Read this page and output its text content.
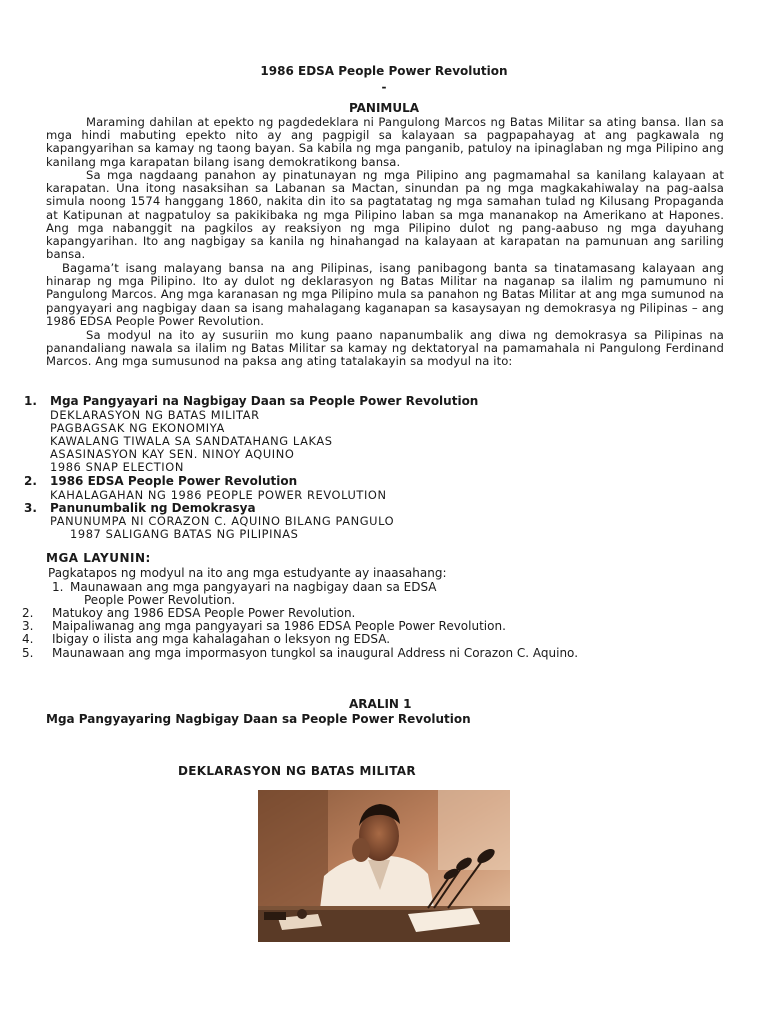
1986 EDSA People Power Revolution
-
PANIMULA
Maraming dahilan at epekto ng pagdedeklara ni Pangulong Marcos ng Batas Militar sa ating bansa. Ilan sa mga hindi mabuting epekto nito ay ang pagpigil sa kalayaan sa pagpapahayag at ang pagkawala ng kapangyarihan sa kamay ng taong bayan. Sa kabila ng mga panganib, patuloy na ipinaglaban ng mga Pilipino ang kanilang mga karapatan bilang isang demokratikong bansa.
Sa mga nagdaang panahon ay pinatunayan ng mga Pilipino ang pagmamahal sa kanilang kalayaan at karapatan. Una itong nasaksihan sa Labanan sa Mactan, sinundan pa ng mga magkakahiwalay na pag-aalsa simula noong 1574 hanggang 1860, nakita din ito sa pagtatatag ng mga samahan tulad ng Kilusang Propaganda at Katipunan at nagpatuloy sa pakikibaka ng mga Pilipino laban sa mga mananakop na Amerikano at Hapones. Ang mga nabanggit na pagkilos ay reaksiyon ng mga Pilipino dulot ng pang-aabuso ng mga dayuhang kapangyarihan. Ito ang nagbigay sa kanila ng hinahangad na kalayaan at karapatan na pamunuan ang sariling bansa.
Bagama’t isang malayang bansa na ang Pilipinas, isang panibagong banta sa tinatamasang kalayaan ang hinarap ng mga Pilipino. Ito ay dulot ng deklarasyon ng Batas Militar na naganap sa ilalim ng pamumuno ni Pangulong Marcos. Ang mga karanasan ng mga Pilipino mula sa panahon ng Batas Militar at ang mga sumunod na pangyayari ang nagbigay daan sa isang mahalagang kaganapan sa kasaysayan ng demokrasya ng Pilipinas – ang 1986 EDSA People Power Revolution.
Sa modyul na ito ay susuriin mo kung paano napanumbalik ang diwa ng demokrasya sa Pilipinas na panandaliang nawala sa ilalim ng Batas Militar sa kamay ng dektatoryal na pamamahala ni Pangulong Ferdinand Marcos. Ang mga sumusunod na paksa ang ating tatalakayin sa modyul na ito:
1. Mga Pangyayari na Nagbigay Daan sa People Power Revolution
DEKLARASYON NG BATAS MILITAR
PAGBAGSAK NG EKONOMIYA
KAWALANG TIWALA SA SANDATAHANG LAKAS
ASASINASYON KAY SEN. NINOY AQUINO
1986 SNAP ELECTION
2. 1986 EDSA People Power Revolution
KAHALAGAHAN NG 1986 PEOPLE POWER REVOLUTION
3. Panunumbalik ng Demokrasya
PANUNUMPA NI CORAZON C. AQUINO BILANG PANGULO
1987 SALIGANG BATAS NG PILIPINAS
MGA LAYUNIN:
Pagkatapos ng modyul na ito ang mga estudyante ay inaasahang:
1. Maunawaan ang mga pangyayari na nagbigay daan sa EDSA
People Power Revolution.
2. Matukoy ang 1986 EDSA People Power Revolution.
3. Maipaliwanag ang mga pangyayari sa 1986 EDSA People Power Revolution.
4. Ibigay o ilista ang mga kahalagahan o leksyon ng EDSA.
5. Maunawaan ang mga impormasyon tungkol sa inaugural Address ni Corazon C. Aquino.
ARALIN 1
Mga Pangyayaring Nagbigay Daan sa People Power Revolution
DEKLARASYON NG BATAS MILITAR
